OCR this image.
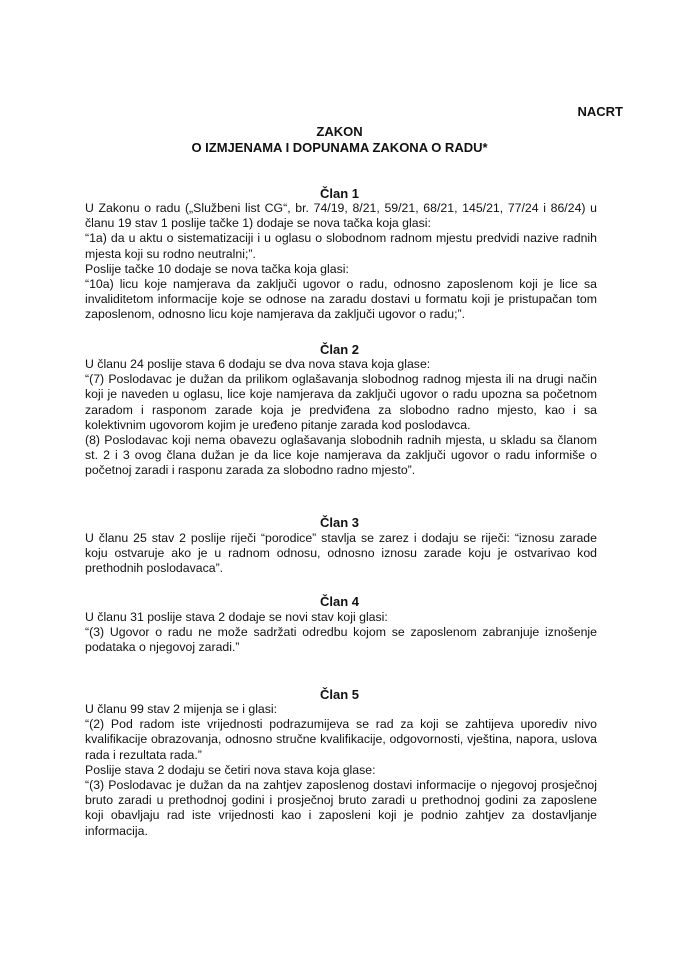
NACRT
ZAKON
O IZMJENAMA I DOPUNAMA ZAKONA O RADU*
Član 1

U Zakonu o radu („Službeni list CG“, br. 74/19, 8/21, 59/21, 68/21, 145/21, 77/24 i 86/24) u članu 19 stav 1 poslije tačke 1) dodaje se nova tačka koja glasi:

“1a) da u aktu o sistematizaciji i u oglasu o slobodnom radnom mjestu predvidi nazive radnih mjesta koji su rodno neutralni;”.

Poslije tačke 10 dodaje se nova tačka koja glasi:

“10a) licu koje namjerava da zaključi ugovor o radu, odnosno zaposlenom koji je lice sa invaliditetom informacije koje se odnose na zaradu dostavi u formatu koji je pristupačan tom zaposlenom, odnosno licu koje namjerava da zaključi ugovor o radu;”.

Član 2

U članu 24 poslije stava 6 dodaju se dva nova stava koja glase:

“(7) Poslodavac je dužan da prilikom oglašavanja slobodnog radnog mjesta ili na drugi način koji je naveden u oglasu, lice koje namjerava da zaključi ugovor o radu upozna sa početnom zaradom i rasponom zarade koja je predviđena za slobodno radno mjesto, kao i sa kolektivnim ugovorom kojim je uređeno pitanje zarada kod poslodavca.

(8) Poslodavac koji nema obavezu oglašavanja slobodnih radnih mjesta, u skladu sa članom st. 2 i 3 ovog člana dužan je da lice koje namjerava da zaključi ugovor o radu informiše o početnoj zaradi i rasponu zarada za slobodno radno mjesto”.

Član 3

U članu 25 stav 2 poslije riječi “porodice” stavlja se zarez i dodaju se riječi: “iznosu zarade koju ostvaruje ako je u radnom odnosu, odnosno iznosu zarade koju je ostvarivao kod prethodnih poslodavaca”.

Član 4

U članu 31 poslije stava 2 dodaje se novi stav koji glasi:

“(3) Ugovor o radu ne može sadržati odredbu kojom se zaposlenom zabranjuje iznošenje podataka o njegovoj zaradi.”

Član 5

U članu 99 stav 2 mijenja se i glasi:

“(2) Pod radom iste vrijednosti podrazumijeva se rad za koji se zahtijeva uporediv nivo kvalifikacije obrazovanja, odnosno stručne kvalifikacije, odgovornosti, vještina, napora, uslova rada i rezultata rada.”

Poslije stava 2 dodaju se četiri nova stava koja glase:

“(3) Poslodavac je dužan da na zahtjev zaposlenog dostavi informacije o njegovoj prosječnoj bruto zaradi u prethodnoj godini i prosječnoj bruto zaradi u prethodnoj godini za zaposlene koji obavljaju rad iste vrijednosti kao i zaposleni koji je podnio zahtjev za dostavljanje informacija.
